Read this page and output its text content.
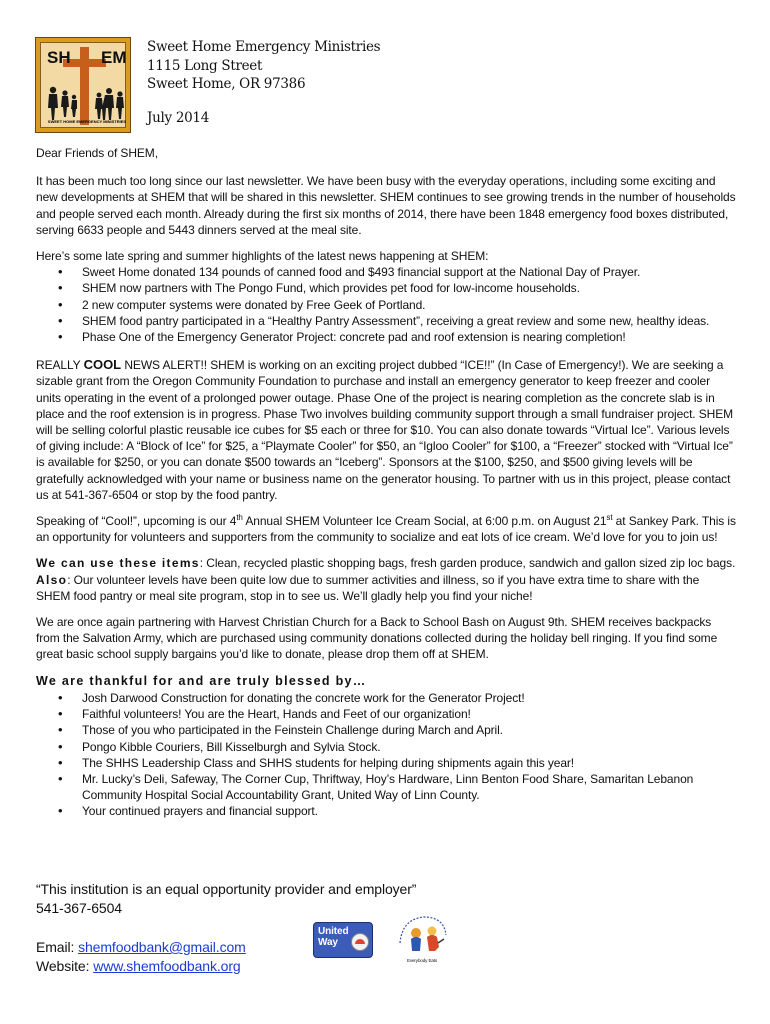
SH EM
SWEET HOME EMERGENCY MINISTRIES
Sweet Home Emergency Ministries
1115 Long Street
Sweet Home, OR 97386
July 2014

Dear Friends of SHEM,

It has been much too long since our last newsletter. We have been busy with the everyday operations, including some exciting and new developments at SHEM that will be shared in this newsletter. SHEM continues to see growing trends in the number of households and people served each month. Already during the first six months of 2014, there have been 1848 emergency food boxes distributed, serving 6633 people and 5443 dinners served at the meal site.

Here’s some late spring and summer highlights of the latest news happening at SHEM:
• Sweet Home donated 134 pounds of canned food and $493 financial support at the National Day of Prayer.
• SHEM now partners with The Pongo Fund, which provides pet food for low-income households.
• 2 new computer systems were donated by Free Geek of Portland.
• SHEM food pantry participated in a “Healthy Pantry Assessment”, receiving a great review and some new, healthy ideas.
• Phase One of the Emergency Generator Project: concrete pad and roof extension is nearing completion!

REALLY COOL NEWS ALERT!! SHEM is working on an exciting project dubbed “ICE!!” (In Case of Emergency!). We are seeking a sizable grant from the Oregon Community Foundation to purchase and install an emergency generator to keep freezer and cooler units operating in the event of a prolonged power outage. Phase One of the project is nearing completion as the concrete slab is in place and the roof extension is in progress. Phase Two involves building community support through a small fundraiser project. SHEM will be selling colorful plastic reusable ice cubes for $5 each or three for $10. You can also donate towards “Virtual Ice”. Various levels of giving include: A “Block of Ice” for $25, a “Playmate Cooler” for $50, an “Igloo Cooler” for $100, a “Freezer” stocked with “Virtual Ice” is available for $250, or you can donate $500 towards an “Iceberg”. Sponsors at the $100, $250, and $500 giving levels will be gratefully acknowledged with your name or business name on the generator housing. To partner with us in this project, please contact us at 541-367-6504 or stop by the food pantry.

Speaking of “Cool!”, upcoming is our 4th Annual SHEM Volunteer Ice Cream Social, at 6:00 p.m. on August 21st at Sankey Park. This is an opportunity for volunteers and supporters from the community to socialize and eat lots of ice cream. We’d love for you to join us!

We can use these items: Clean, recycled plastic shopping bags, fresh garden produce, sandwich and gallon sized zip loc bags.
Also: Our volunteer levels have been quite low due to summer activities and illness, so if you have extra time to share with the SHEM food pantry or meal site program, stop in to see us. We’ll gladly help you find your niche!

We are once again partnering with Harvest Christian Church for a Back to School Bash on August 9th. SHEM receives backpacks from the Salvation Army, which are purchased using community donations collected during the holiday bell ringing. If you find some great basic school supply bargains you’d like to donate, please drop them off at SHEM.

We are thankful for and are truly blessed by…
• Josh Darwood Construction for donating the concrete work for the Generator Project!
• Faithful volunteers! You are the Heart, Hands and Feet of our organization!
• Those of you who participated in the Feinstein Challenge during March and April.
• Pongo Kibble Couriers, Bill Kisselburgh and Sylvia Stock.
• The SHHS Leadership Class and SHHS students for helping during shipments again this year!
• Mr. Lucky’s Deli, Safeway, The Corner Cup, Thriftway, Hoy’s Hardware, Linn Benton Food Share, Samaritan Lebanon Community Hospital Social Accountability Grant, United Way of Linn County.
• Your continued prayers and financial support.
“This institution is an equal opportunity provider and employer”
541-367-6504
Email: shemfoodbank@gmail.com
Website: www.shemfoodbank.org
United
Way
Everybody Eats
